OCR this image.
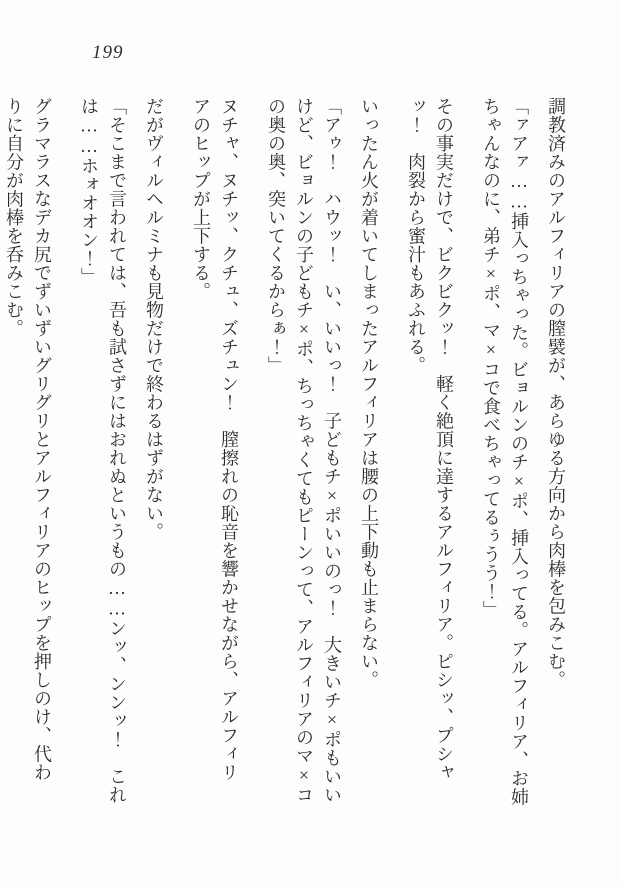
199

調教済みのアルフィリアの膣襞が、あらゆる方向から肉棒を包みこむ。

「ァアァ……挿入っちゃった。ビョルンのチ×ポ、挿入ってる。アルフィリア、お姉

ちゃんなのに、弟チ×ポ、マ×コで食べちゃってるぅうう！」

その事実だけで、ビクビクッ！　軽く絶頂に達するアルフィリア。ピシッ、プシャ

ッ！　肉裂から蜜汁もあふれる。

いったん火が着いてしまったアルフィリアは腰の上下動も止まらない。

「アゥ！　ハウッ！　い、いいっ！　子どもチ×ポいいのっ！　大きいチ×ポもいい

けど、ビョルンの子どもチ×ポ、ちっちゃくてもピーンって、アルフィリアのマ×コ

の奥の奥、突いてくるからぁ！」

ヌチャ、ヌチッ、クチュ、ズチュン！　膣擦れの恥音を響かせながら、アルフィリ

アのヒップが上下する。

だがヴィルヘルミナも見物だけで終わるはずがない。

「そこまで言われては、吾も試さずにはおれぬというもの……ンッ、ンンッ！　これ

は……ホォオオン！」

グラマラスなデカ尻でずいずいグリグリとアルフィリアのヒップを押しのけ、代わ

りに自分が肉棒を呑みこむ。
